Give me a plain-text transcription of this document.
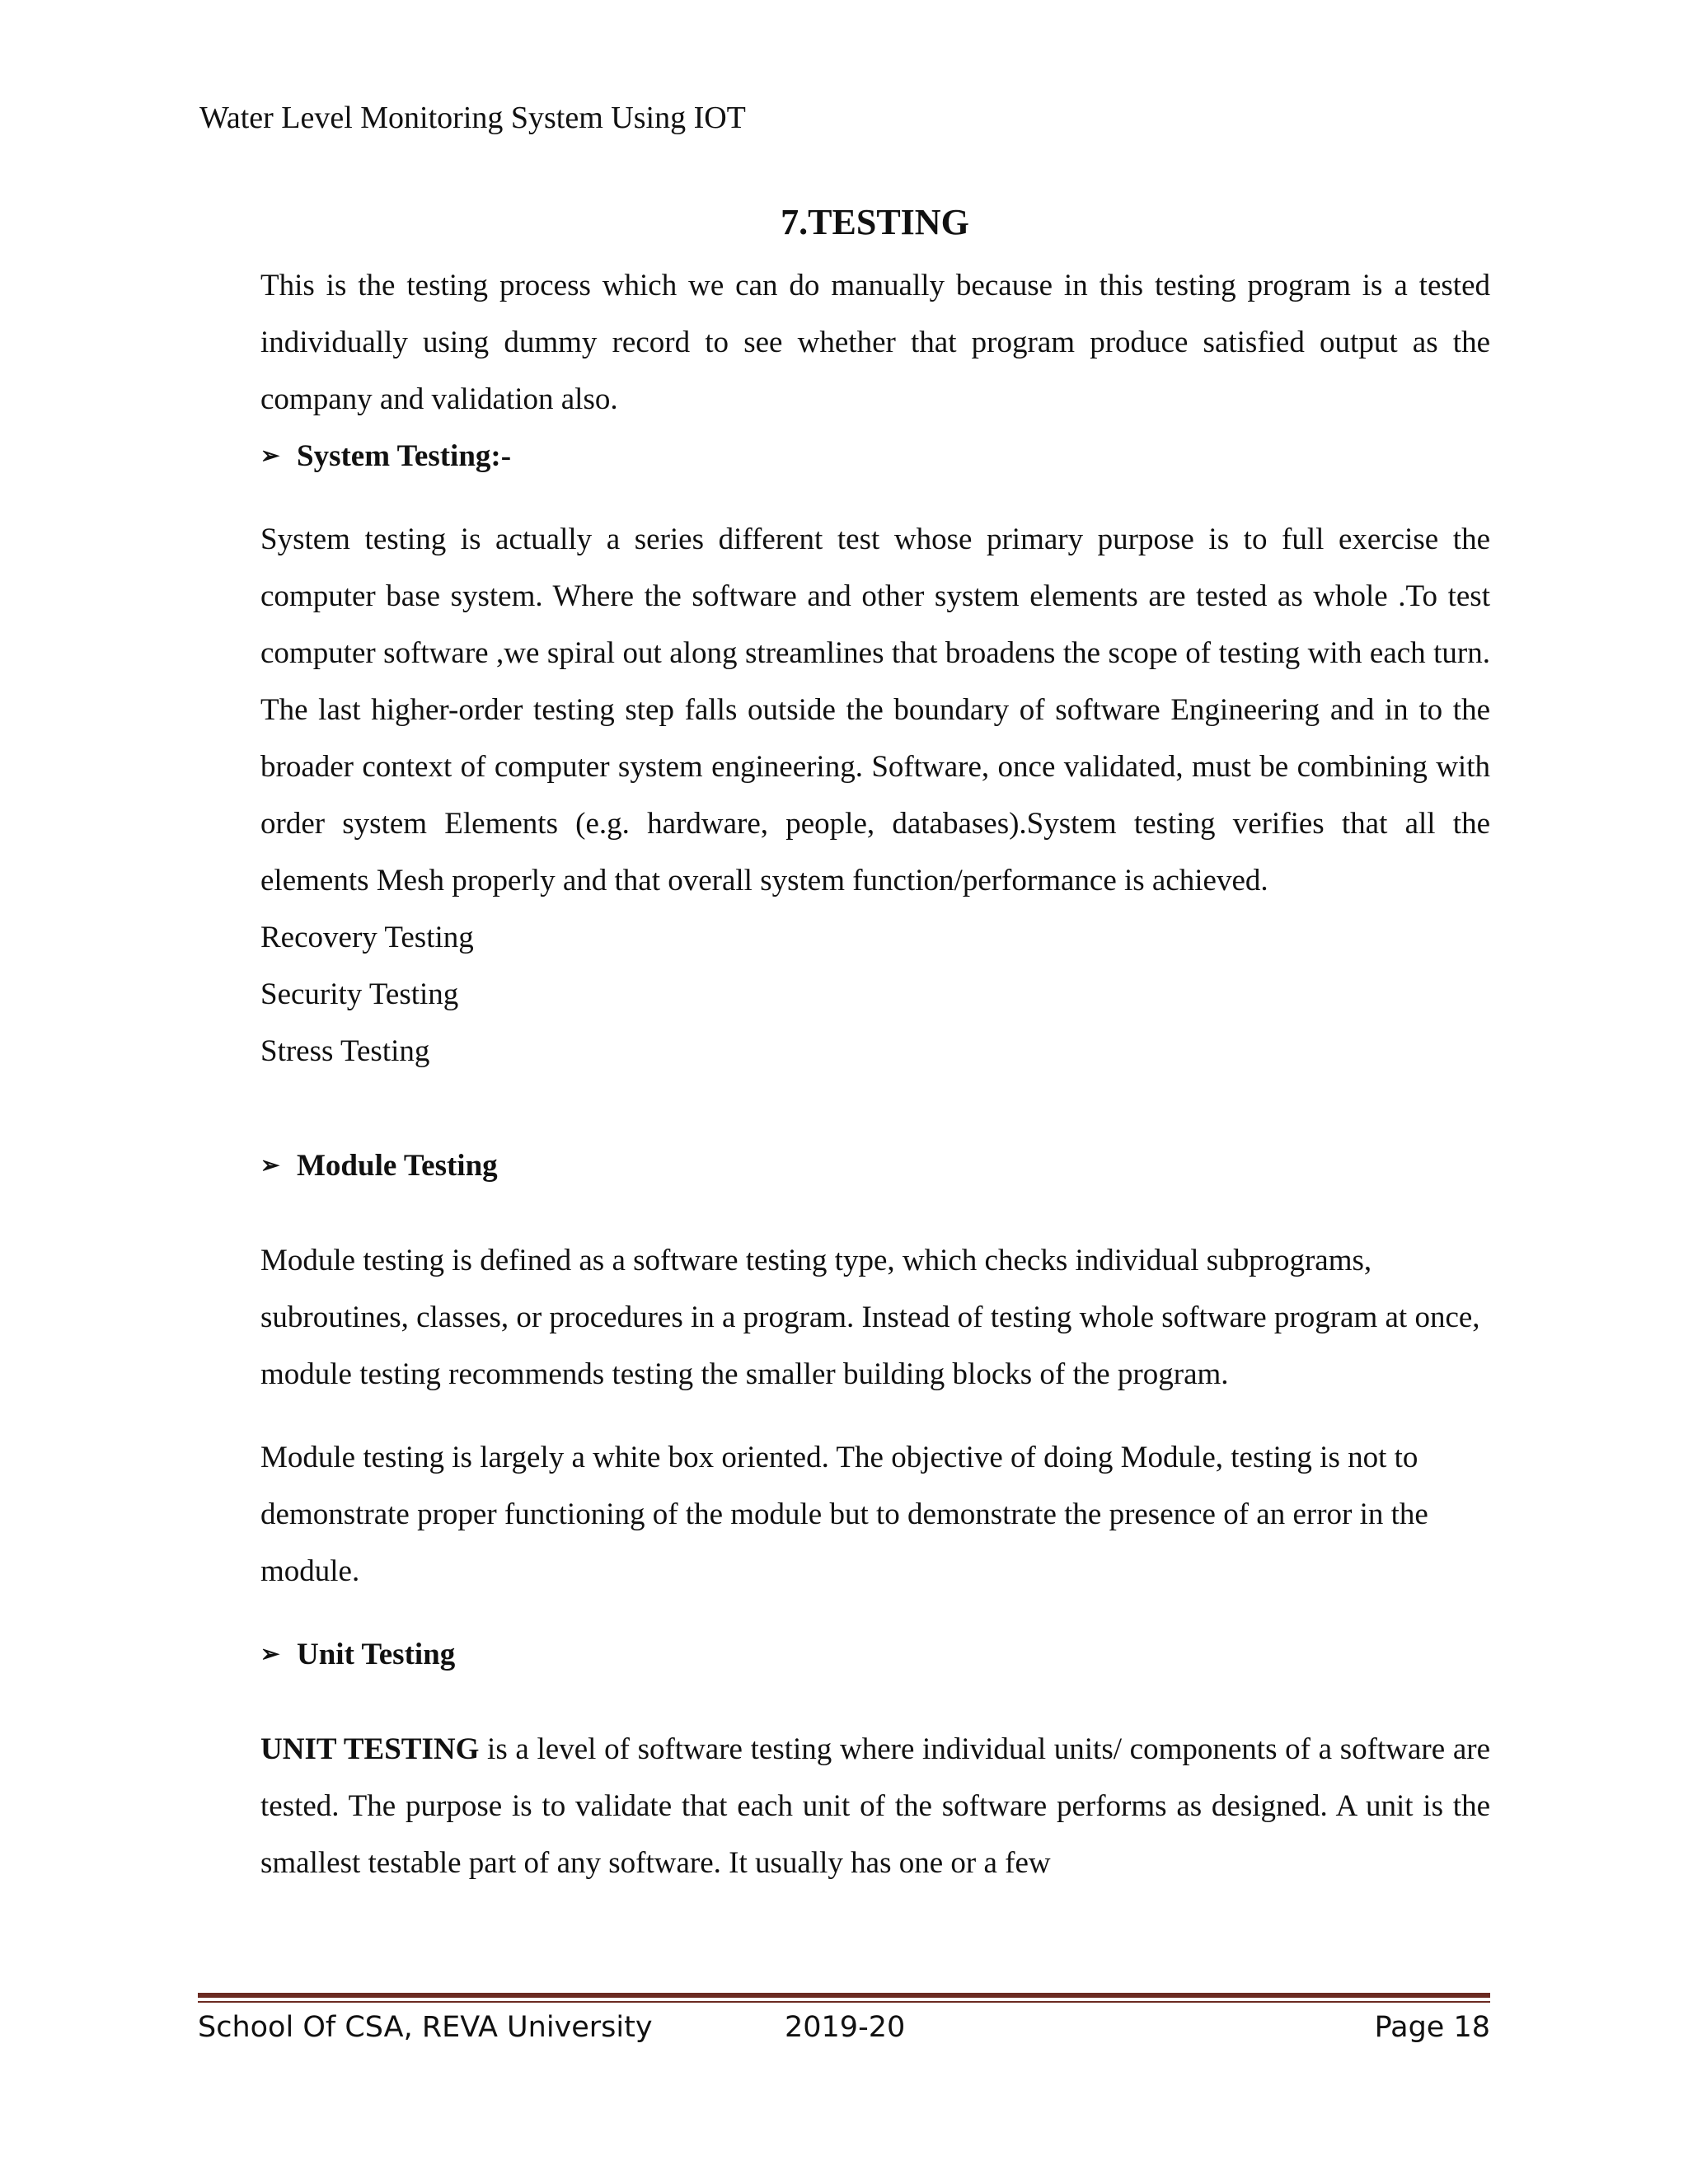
Water Level Monitoring System Using IOT
7.TESTING

This is the testing process which we can do manually because in this testing program is a tested individually using dummy record to see whether that program produce satisfied output as the company and validation also.

➢ System Testing:-

System testing is actually a series different test whose primary purpose is to full exercise the computer base system. Where the software and other system elements are tested as whole .To test computer software ,we spiral out along streamlines that broadens the scope of testing with each turn. The last higher-order testing step falls outside the boundary of software Engineering and in to the broader context of computer system engineering. Software, once validated, must be combining with order system Elements (e.g. hardware, people, databases).System testing verifies that all the elements Mesh properly and that overall system function/performance is achieved.

Recovery Testing

Security Testing

Stress Testing

➢ Module Testing

Module testing is defined as a software testing type, which checks individual subprograms, subroutines, classes, or procedures in a program. Instead of testing whole software program at once, module testing recommends testing the smaller building blocks of the program.

Module testing is largely a white box oriented. The objective of doing Module, testing is not to demonstrate proper functioning of the module but to demonstrate the presence of an error in the module.

➢ Unit Testing

UNIT TESTING is a level of software testing where individual units/ components of a software are tested. The purpose is to validate that each unit of the software performs as designed. A unit is the smallest testable part of any software. It usually has one or a few

School Of CSA, REVA University	2019-20	Page 18
